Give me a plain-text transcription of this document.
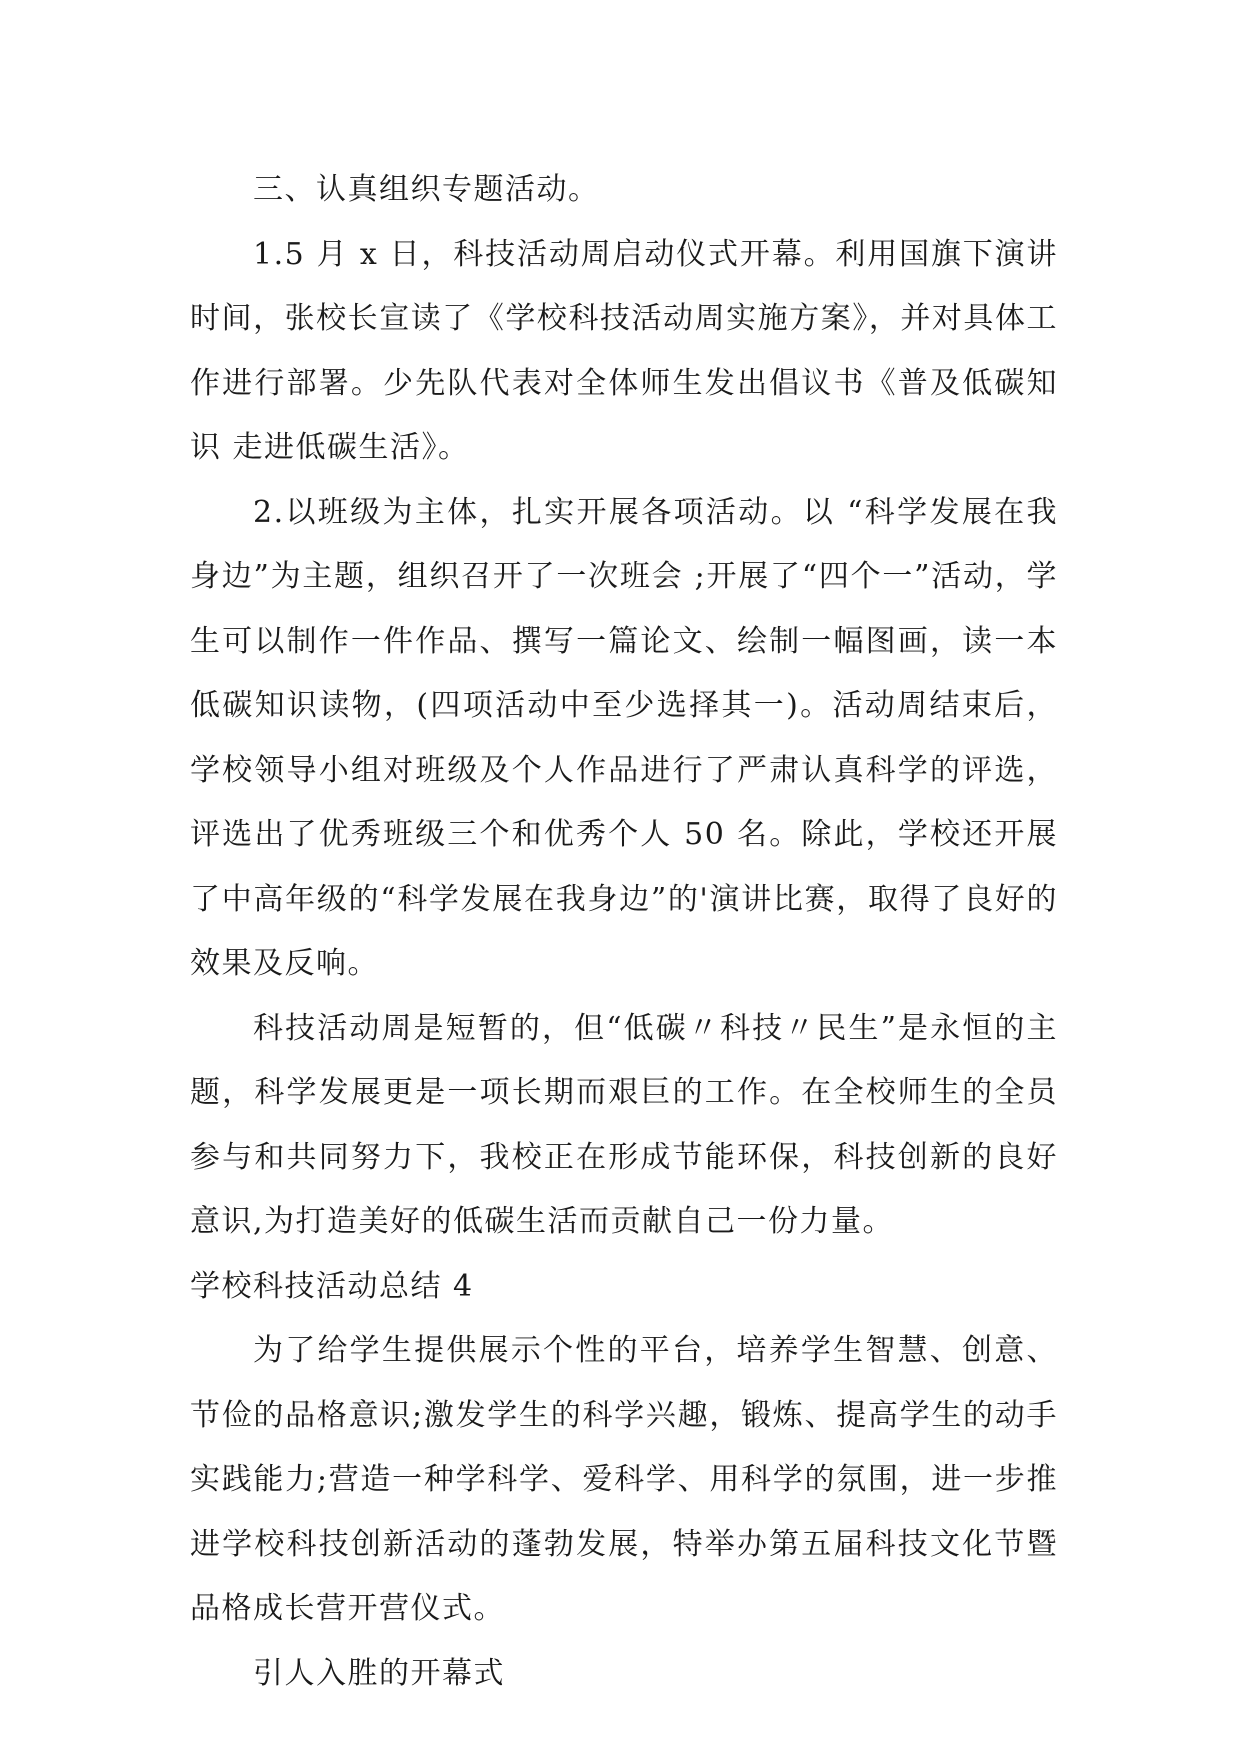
三、认真组织专题活动。

1.5 月 x 日，科技活动周启动仪式开幕。利用国旗下演讲时间，张校长宣读了《学校科技活动周实施方案》，并对具体工作进行部署。少先队代表对全体师生发出倡议书《普及低碳知识 走进低碳生活》。

2.以班级为主体，扎实开展各项活动。以 “科学发展在我身边”为主题，组织召开了一次班会 ;开展了“四个一”活动，学生可以制作一件作品、撰写一篇论文、绘制一幅图画，读一本低碳知识读物，(四项活动中至少选择其一)。活动周结束后，学校领导小组对班级及个人作品进行了严肃认真科学的评选，评选出了优秀班级三个和优秀个人 50 名。除此，学校还开展了中高年级的“科学发展在我身边”的'演讲比赛，取得了良好的效果及反响。

科技活动周是短暂的，但“低碳〃科技〃民生”是永恒的主题，科学发展更是一项长期而艰巨的工作。在全校师生的全员参与和共同努力下，我校正在形成节能环保，科技创新的良好意识,为打造美好的低碳生活而贡献自己一份力量。

学校科技活动总结 4

为了给学生提供展示个性的平台，培养学生智慧、创意、节俭的品格意识;激发学生的科学兴趣，锻炼、提高学生的动手实践能力;营造一种学科学、爱科学、用科学的氛围，进一步推进学校科技创新活动的蓬勃发展，特举办第五届科技文化节暨品格成长营开营仪式。

引人入胜的开幕式
